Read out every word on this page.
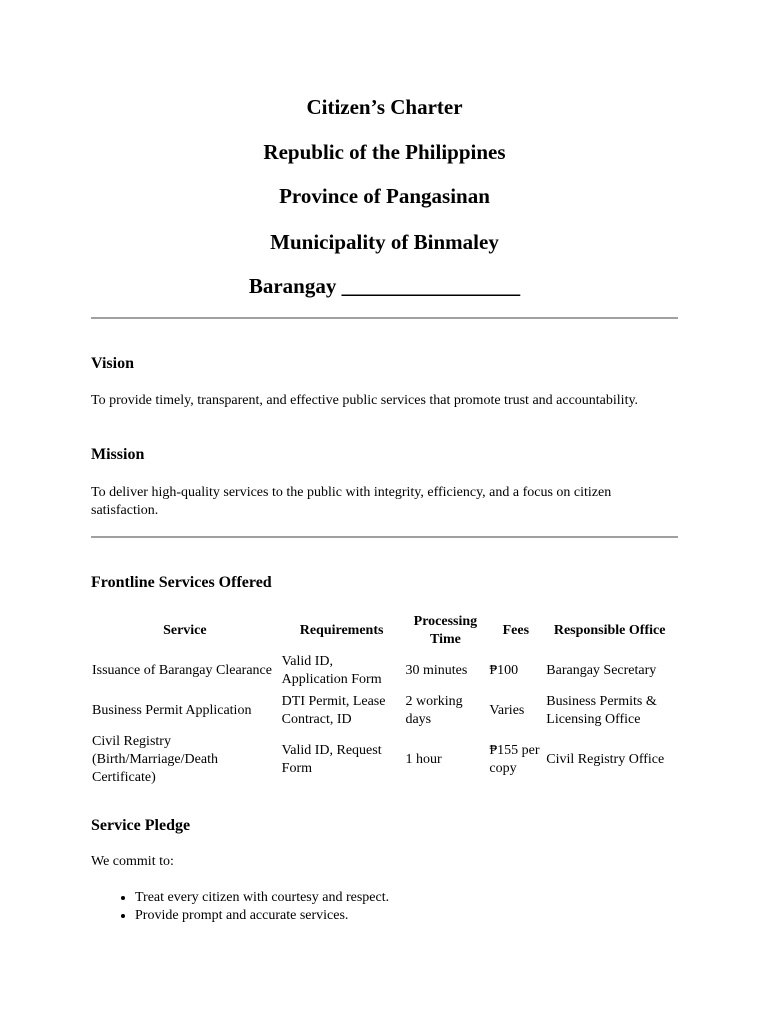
Citizen’s Charter

Republic of the Philippines

Province of Pangasinan

Municipality of Binmaley

Barangay _________________

Vision

To provide timely, transparent, and effective public services that promote trust and accountability.

Mission

To deliver high-quality services to the public with integrity, efficiency, and a focus on citizen satisfaction.

Frontline Services Offered

Service	Requirements	Processing Time	Fees	Responsible Office
Issuance of Barangay Clearance	Valid ID, Application Form	30 minutes	₱100	Barangay Secretary
Business Permit Application	DTI Permit, Lease Contract, ID	2 working days	Varies	Business Permits & Licensing Office
Civil Registry (Birth/Marriage/Death Certificate)	Valid ID, Request Form	1 hour	₱155 per copy	Civil Registry Office

Service Pledge

We commit to:

• Treat every citizen with courtesy and respect.
• Provide prompt and accurate services.
